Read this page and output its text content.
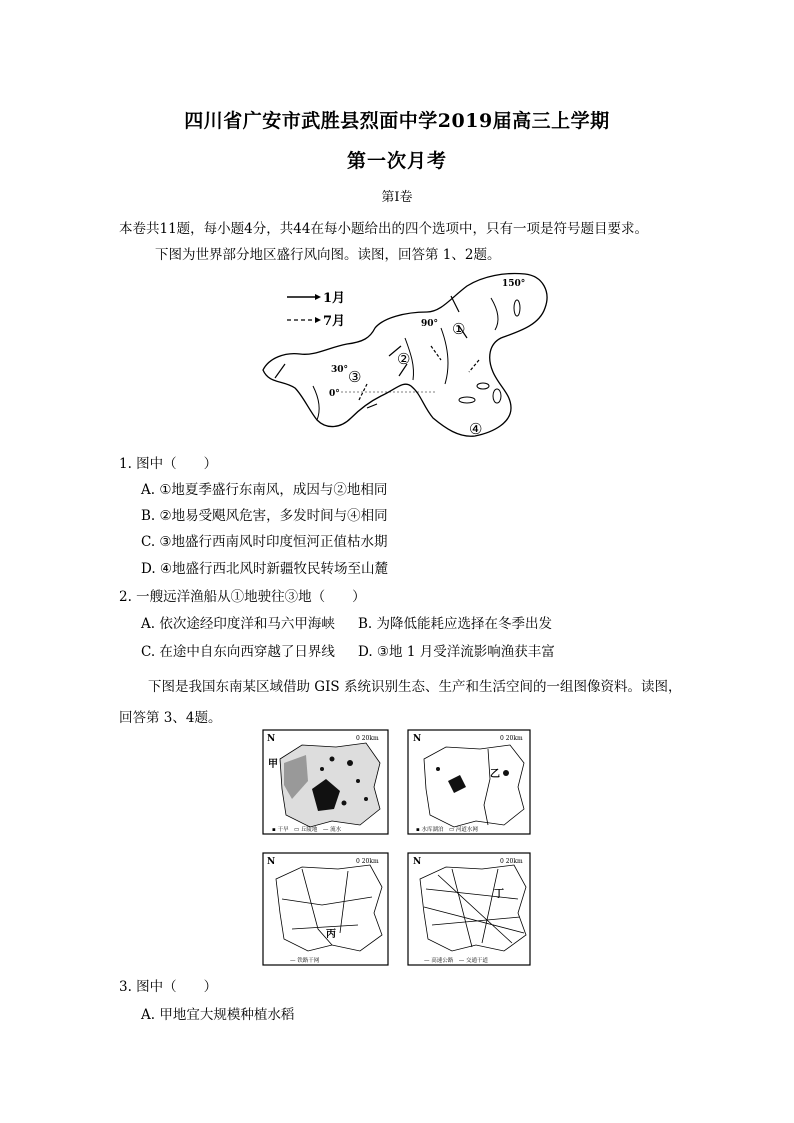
四川省广安市武胜县烈面中学2019届高三上学期
第一次月考
第Ⅰ卷
本卷共11题，每小题4分，共44在每小题给出的四个选项中，只有一项是符号题目要求。
下图为世界部分地区盛行风向图。读图，回答第 1、2题。
1月
7月
150°
90°
30°
0°
①
②
③
④
1. 图中（　　）
A. ①地夏季盛行东南风，成因与②地相同
B. ②地易受飓风危害，多发时间与④相同
C. ③地盛行西南风时印度恒河正值枯水期
D. ④地盛行西北风时新疆牧民转场至山麓
2. 一艘远洋渔船从①地驶往③地（　　）
A. 依次途经印度洋和马六甲海峡 B. 为降低能耗应选择在冬季出发
C. 在途中自东向西穿越了日界线 D. ③地 1 月受洋流影响渔获丰富
下图是我国东南某区域借助 GIS 系统识别生态、生产和生活空间的一组图像资料。读图，
回答第 3、4题。
N	0 20km
甲
▪ 干旱　▭ 丘陵地　— 流水
N	0 20km
乙
▪ 水库湖泊　▭ 河道水网
N	0 20km
丙
— 铁路干网
N	0 20km
丁
— 高速公路　— 交通干道
3. 图中（　　）
A. 甲地宜大规模种植水稻
